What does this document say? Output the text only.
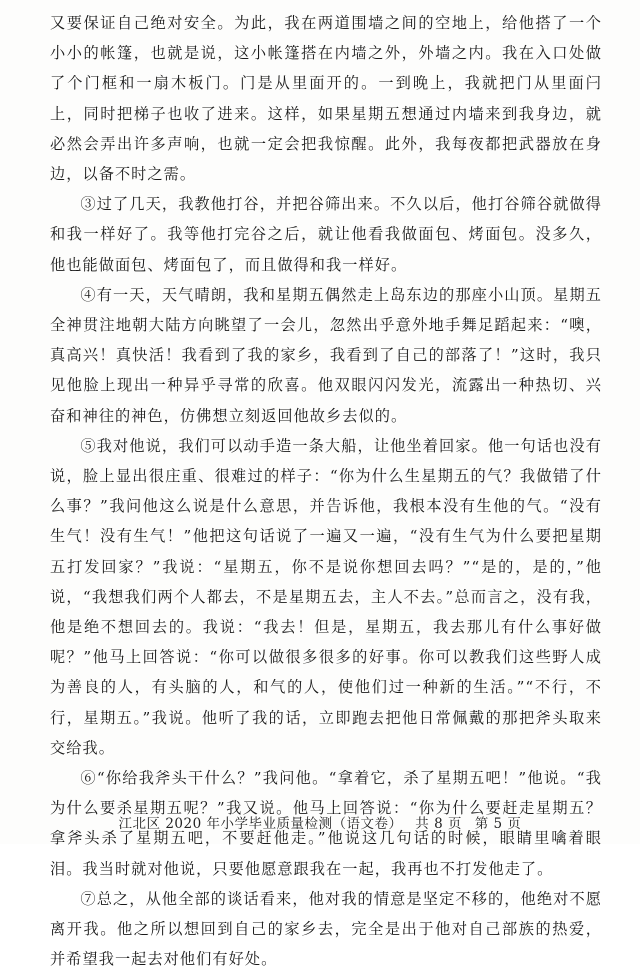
又要保证自己绝对安全。为此，我在两道围墙之间的空地上，给他搭了一个小小的帐篷，也就是说，这小帐篷搭在内墙之外，外墙之内。我在入口处做了个门框和一扇木板门。门是从里面开的。一到晚上，我就把门从里面闩上，同时把梯子也收了进来。这样，如果星期五想通过内墙来到我身边，就必然会弄出许多声响，也就一定会把我惊醒。此外，我每夜都把武器放在身边，以备不时之需。

③过了几天，我教他打谷，并把谷筛出来。不久以后，他打谷筛谷就做得和我一样好了。我等他打完谷之后，就让他看我做面包、烤面包。没多久，他也能做面包、烤面包了，而且做得和我一样好。

④有一天，天气晴朗，我和星期五偶然走上岛东边的那座小山顶。星期五全神贯注地朝大陆方向眺望了一会儿，忽然出乎意外地手舞足蹈起来：“噢，真高兴！真快活！我看到了我的家乡，我看到了自己的部落了！”这时，我只见他脸上现出一种异乎寻常的欣喜。他双眼闪闪发光，流露出一种热切、兴奋和神往的神色，仿佛想立刻返回他故乡去似的。

⑤我对他说，我们可以动手造一条大船，让他坐着回家。他一句话也没有说，脸上显出很庄重、很难过的样子：“你为什么生星期五的气？我做错了什么事？”我问他这么说是什么意思，并告诉他，我根本没有生他的气。“没有生气！没有生气！”他把这句话说了一遍又一遍，“没有生气为什么要把星期五打发回家？”我说：“星期五，你不是说你想回去吗？”“是的，是的，”他说，“我想我们两个人都去，不是星期五去，主人不去。”总而言之，没有我，他是绝不想回去的。我说：“我去！但是，星期五，我去那儿有什么事好做呢？”他马上回答说：“你可以做很多很多的好事。你可以教我们这些野人成为善良的人，有头脑的人，和气的人，使他们过一种新的生活。”“不行，不行，星期五。”我说。他听了我的话，立即跑去把他日常佩戴的那把斧头取来交给我。

⑥“你给我斧头干什么？”我问他。“拿着它，杀了星期五吧！”他说。“我为什么要杀星期五呢？”我又说。他马上回答说：“你为什么要赶走星期五？拿斧头杀了星期五吧，不要赶他走。”他说这几句话的时候，眼睛里噙着眼泪。我当时就对他说，只要他愿意跟我在一起，我再也不打发他走了。

⑦总之，从他全部的谈话看来，他对我的情意是坚定不移的，他绝对不愿离开我。他之所以想回到自己的家乡去，完全是出于他对自己部族的热爱，并希望我一起去对他们有好处。

江北区 2020 年小学毕业质量检测（语文卷） 共 8 页 第 5 页
